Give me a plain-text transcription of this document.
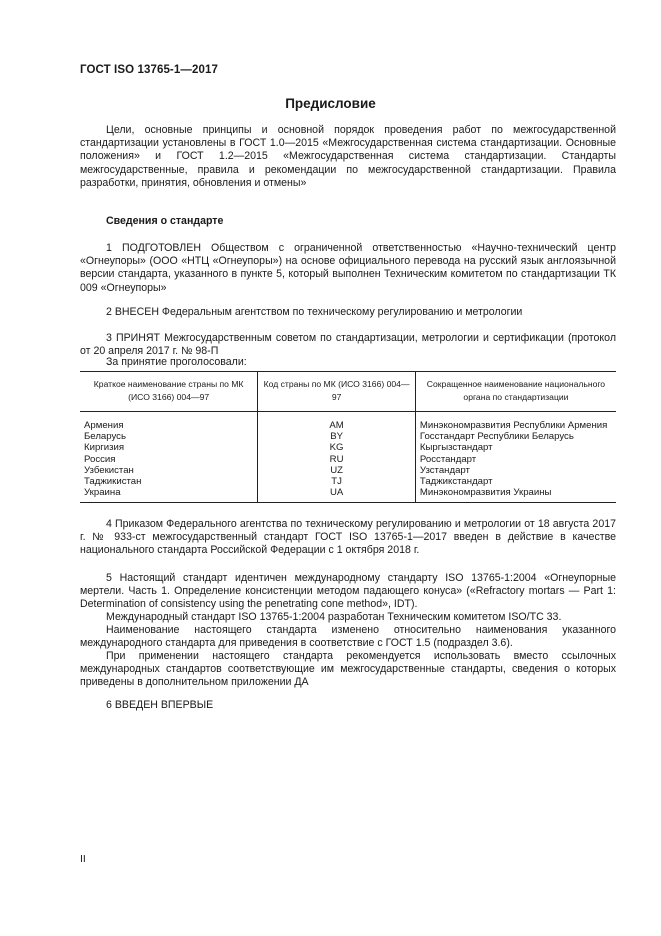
ГОСТ ISO 13765-1—2017
Предисловие
Цели, основные принципы и основной порядок проведения работ по межгосударственной стандартизации установлены в ГОСТ 1.0—2015 «Межгосударственная система стандартизации. Основные положения» и ГОСТ 1.2—2015 «Межгосударственная система стандартизации. Стандарты межгосударственные, правила и рекомендации по межгосударственной стандартизации. Правила разработки, принятия, обновления и отмены»
Сведения о стандарте
1 ПОДГОТОВЛЕН Обществом с ограниченной ответственностью «Научно-технический центр «Огнеупоры» (ООО «НТЦ «Огнеупоры») на основе официального перевода на русский язык англоязычной версии стандарта, указанного в пункте 5, который выполнен Техническим комитетом по стандартизации ТК 009 «Огнеупоры»
2 ВНЕСЕН Федеральным агентством по техническому регулированию и метрологии
3 ПРИНЯТ Межгосударственным советом по стандартизации, метрологии и сертификации (протокол от 20 апреля 2017 г. № 98-П
За принятие проголосовали:
Краткое наименование страны по МК (ИСО 3166) 004—97	Код страны по МК (ИСО 3166) 004—97	Сокращенное наименование национального органа по стандартизации
Армения	AM	Минэкономразвития Республики Армения
Беларусь	BY	Госстандарт Республики Беларусь
Киргизия	KG	Кыргызстандарт
Россия	RU	Росстандарт
Узбекистан	UZ	Узстандарт
Таджикистан	TJ	Таджикстандарт
Украина	UA	Минэкономразвития Украины
4 Приказом Федерального агентства по техническому регулированию и метрологии от 18 августа 2017 г. № 933-ст межгосударственный стандарт ГОСТ ISO 13765-1—2017 введен в действие в качестве национального стандарта Российской Федерации с 1 октября 2018 г.
5 Настоящий стандарт идентичен международному стандарту ISO 13765-1:2004 «Огнеупорные мертели. Часть 1. Определение консистенции методом падающего конуса» («Refractory mortars — Part 1: Determination of consistency using the penetrating cone method», IDT).
Международный стандарт ISO 13765-1:2004 разработан Техническим комитетом ISO/TC 33.
Наименование настоящего стандарта изменено относительно наименования указанного международного стандарта для приведения в соответствие с ГОСТ 1.5 (подраздел 3.6).
При применении настоящего стандарта рекомендуется использовать вместо ссылочных международных стандартов соответствующие им межгосударственные стандарты, сведения о которых приведены в дополнительном приложении ДА
6 ВВЕДЕН ВПЕРВЫЕ
II
